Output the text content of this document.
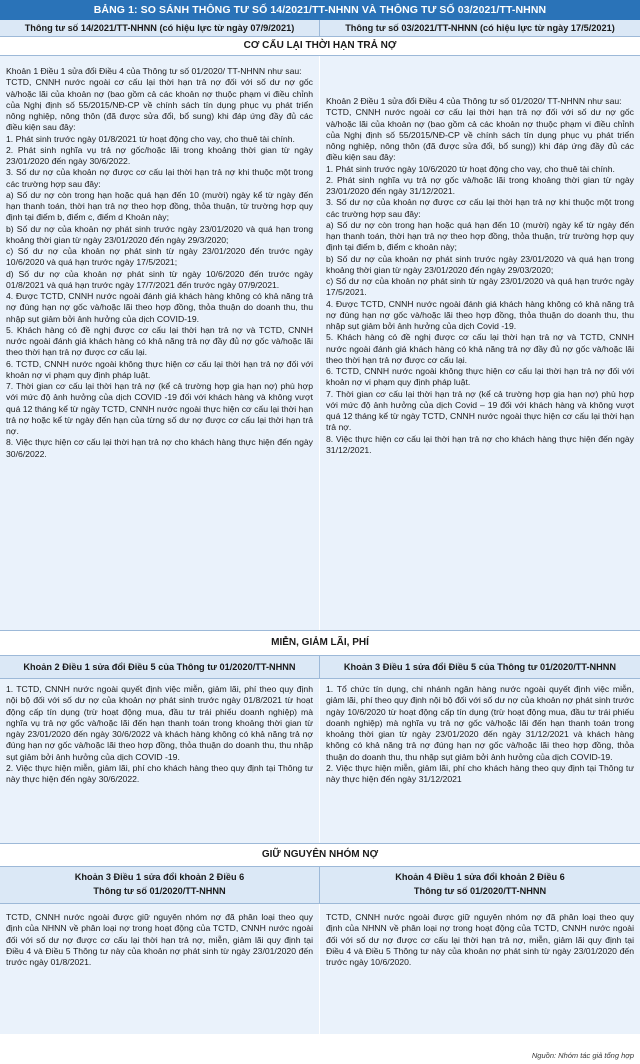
BẢNG 1: SO SÁNH THÔNG TƯ SỐ 14/2021/TT-NHNN VÀ THÔNG TƯ SỐ 03/2021/TT-NHNN
Thông tư số 14/2021/TT-NHNN (có hiệu lực từ ngày 07/9/2021)	Thông tư số 03/2021/TT-NHNN (có hiệu lực từ ngày 17/5/2021)
CƠ CẤU LẠI THỜI HẠN TRẢ NỢ

Khoản 1 Điều 1 sửa đổi Điều 4 của Thông tư số 01/2020/ TT-NHNN như sau:

TCTD, CNNH nước ngoài cơ cấu lại thời hạn trả nợ đối với số dư nợ gốc và/hoặc lãi của khoản nợ (bao gồm cả các khoản nợ thuộc phạm vi điều chỉnh của Nghị định số 55/2015/NĐ-CP về chính sách tín dụng phục vụ phát triển nông nghiệp, nông thôn (đã được sửa đổi, bổ sung) khi đáp ứng đầy đủ các điều kiện sau đây:

1. Phát sinh trước ngày 01/8/2021 từ hoạt động cho vay, cho thuê tài chính.

2. Phát sinh nghĩa vụ trả nợ gốc/hoặc lãi trong khoảng thời gian từ ngày 23/01/2020 đến ngày 30/6/2022.

3. Số dư nợ của khoản nợ được cơ cấu lại thời hạn trả nợ khi thuộc một trong các trường hợp sau đây:

a) Số dư nợ còn trong hạn hoặc quá hạn đến 10 (mười) ngày kể từ ngày đến hạn thanh toán, thời hạn trả nợ theo hợp đồng, thỏa thuận, từ trường hợp quy định tại điểm b, điểm c, điểm d Khoản này;

b) Số dư nợ của khoản nợ phát sinh trước ngày 23/01/2020 và quá hạn trong khoảng thời gian từ ngày 23/01/2020 đến ngày 29/3/2020;

c) Số dư nợ của khoản nợ phát sinh từ ngày 23/01/2020 đến trước ngày 10/6/2020 và quá hạn trước ngày 17/5/2021;

d) Số dư nợ của khoản nợ phát sinh từ ngày 10/6/2020 đến trước ngày 01/8/2021 và quá hạn trước ngày 17/7/2021 đến trước ngày 07/9/2021.

4. Được TCTD, CNNH nước ngoài đánh giá khách hàng không có khả năng trả nợ đúng hạn nợ gốc và/hoặc lãi theo hợp đồng, thỏa thuận do doanh thu, thu nhập sụt giảm bởi ảnh hưởng của dịch COVID-19.

5. Khách hàng có đề nghị được cơ cấu lại thời hạn trả nợ và TCTD, CNNH nước ngoài đánh giá khách hàng có khả năng trả nợ đầy đủ nợ gốc và/hoặc lãi theo thời hạn trả nợ được cơ cấu lại.

6. TCTD, CNNH nước ngoài không thực hiện cơ cấu lại thời hạn trả nợ đối với khoản nợ vi phạm quy định pháp luật.

7. Thời gian cơ cấu lại thời hạn trả nợ (kể cả trường hợp gia hạn nợ) phù hợp với mức độ ảnh hưởng của dịch COVID -19 đối với khách hàng và không vượt quá 12 tháng kể từ ngày TCTD, CNNH nước ngoài thực hiện cơ cấu lại thời hạn trả nợ hoặc kể từ ngày đến hạn của từng số dư nợ được cơ cấu lại thời hạn trả nợ.

8. Việc thực hiện cơ cấu lại thời hạn trả nợ cho khách hàng thực hiện đến ngày 30/6/2022.

Khoản 2 Điều 1 sửa đổi Điều 4 của Thông tư số 01/2020/ TT-NHNN như sau:

TCTD, CNNH nước ngoài cơ cấu lại thời hạn trả nợ đối với số dư nợ gốc và/hoặc lãi của khoản nợ (bao gồm cả các khoản nợ thuộc phạm vi điều chỉnh của Nghị định số 55/2015/NĐ-CP về chính sách tín dụng phục vụ phát triển nông nghiệp, nông thôn (đã được sửa đổi, bổ sung)) khi đáp ứng đầy đủ các điều kiện sau đây:

1. Phát sinh trước ngày 10/6/2020 từ hoạt động cho vay, cho thuê tài chính.

2. Phát sinh nghĩa vụ trả nợ gốc và/hoặc lãi trong khoảng thời gian từ ngày 23/01/2020 đến ngày 31/12/2021.

3. Số dư nợ của khoản nợ được cơ cấu lại thời hạn trả nợ khi thuộc một trong các trường hợp sau đây:

a) Số dư nợ còn trong hạn hoặc quá hạn đến 10 (mười) ngày kể từ ngày đến hạn thanh toán, thời hạn trả nợ theo hợp đồng, thỏa thuận, trừ trường hợp quy định tại điểm b, điểm c khoản này;

b) Số dư nợ của khoản nợ phát sinh trước ngày 23/01/2020 và quá hạn trong khoảng thời gian từ ngày 23/01/2020 đến ngày 29/03/2020;

c) Số dư nợ của khoản nợ phát sinh từ ngày 23/01/2020 và quá hạn trước ngày 17/5/2021.

4. Được TCTD, CNNH nước ngoài đánh giá khách hàng không có khả năng trả nợ đúng hạn nợ gốc và/hoặc lãi theo hợp đồng, thỏa thuận do doanh thu, thu nhập sụt giảm bởi ảnh hưởng của dịch Covid -19.

5. Khách hàng có đề nghị được cơ cấu lại thời hạn trả nợ và TCTD, CNNH nước ngoài đánh giá khách hàng có khả năng trả nợ đầy đủ nợ gốc và/hoặc lãi theo thời hạn trả nợ được cơ cấu lại.

6. TCTD, CNNH nước ngoài không thực hiện cơ cấu lại thời hạn trả nợ đối với khoản nợ vi phạm quy định pháp luật.

7. Thời gian cơ cấu lại thời hạn trả nợ (kể cả trường hợp gia hạn nợ) phù hợp với mức độ ảnh hưởng của dịch Covid – 19 đối với khách hàng và không vượt quá 12 tháng kể từ ngày TCTD, CNNH nước ngoài thực hiện cơ cấu lại thời hạn trả nợ.

8. Việc thực hiện cơ cấu lại thời hạn trả nợ cho khách hàng thực hiện đến ngày 31/12/2021.

MIỄN, GIẢM LÃI, PHÍ
Khoản 2 Điều 1 sửa đổi Điều 5 của Thông tư 01/2020/TT-NHNN	Khoản 3 Điều 1 sửa đổi Điều 5 của Thông tư 01/2020/TT-NHNN

1. TCTD, CNNH nước ngoài quyết định việc miễn, giảm lãi, phí theo quy định nội bộ đối với số dư nợ của khoản nợ phát sinh trước ngày 01/8/2021 từ hoạt động cấp tín dụng (trừ hoạt động mua, đầu tư trái phiếu doanh nghiệp) mà nghĩa vụ trả nợ gốc và/hoặc lãi đến hạn thanh toán trong khoảng thời gian từ ngày 23/01/2020 đến ngày 30/6/2022 và khách hàng không có khả năng trả nợ đúng hạn nợ gốc và/hoặc lãi theo hợp đồng, thỏa thuận do doanh thu, thu nhập sụt giảm bởi ảnh hưởng của dịch COVID -19.

2. Việc thực hiện miễn, giảm lãi, phí cho khách hàng theo quy định tại Thông tư này thực hiện đến ngày 30/6/2022.

1. Tổ chức tín dụng, chi nhánh ngân hàng nước ngoài quyết định việc miễn, giảm lãi, phí theo quy định nội bộ đối với số dư nợ của khoản nợ phát sinh trước ngày 10/6/2020 từ hoạt động cấp tín dụng (trừ hoạt động mua, đầu tư trái phiếu doanh nghiệp) mà nghĩa vụ trả nợ gốc và/hoặc lãi đến hạn thanh toán trong khoảng thời gian từ ngày 23/01/2020 đến ngày 31/12/2021 và khách hàng không có khả năng trả nợ đúng hạn nợ gốc và/hoặc lãi theo hợp đồng, thỏa thuận do doanh thu, thu nhập sụt giảm bởi ảnh hưởng của dịch COVID-19.

2. Việc thực hiện miễn, giảm lãi, phí cho khách hàng theo quy định tại Thông tư này thực hiện đến ngày 31/12/2021

GIỮ NGUYÊN NHÓM NỢ
Khoản 3 Điều 1 sửa đổi khoản 2 Điều 6
Thông tư số 01/2020/TT-NHNN
Khoản 4 Điều 1 sửa đổi khoản 2 Điều 6
Thông tư số 01/2020/TT-NHNN

TCTD, CNNH nước ngoài được giữ nguyên nhóm nợ đã phân loại theo quy định của NHNN về phân loại nợ trong hoạt động của TCTD, CNNH nước ngoài đối với số dư nợ được cơ cấu lại thời hạn trả nợ, miễn, giảm lãi quy định tại Điều 4 và Điều 5 Thông tư này của khoản nợ phát sinh từ ngày 23/01/2020 đến trước ngày 01/8/2021.

TCTD, CNNH nước ngoài được giữ nguyên nhóm nợ đã phân loại theo quy định của NHNN về phân loại nợ trong hoạt động của TCTD, CNNH nước ngoài đối với số dư nợ được cơ cấu lại thời hạn trả nợ, miễn, giảm lãi quy định tại Điều 4 và Điều 5 Thông tư này của khoản nợ phát sinh từ ngày 23/01/2020 đến trước ngày 10/6/2020.

Nguồn: Nhóm tác giả tổng hợp
